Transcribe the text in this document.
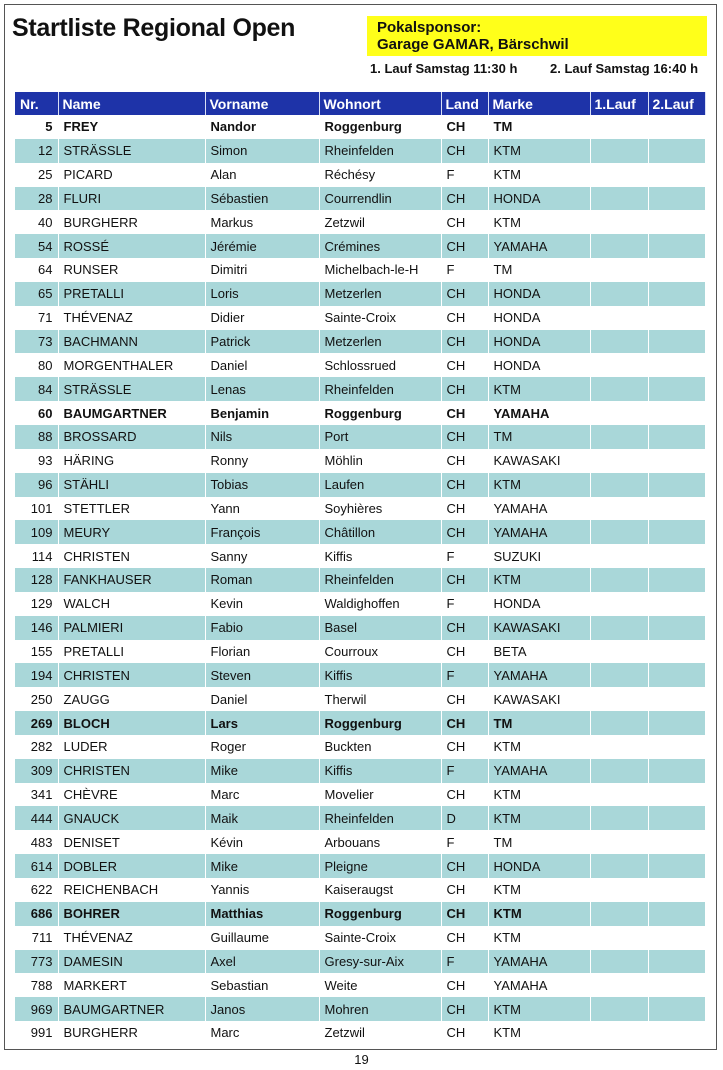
Startliste Regional Open	Pokalsponsor:
Garage GAMAR, Bärschwil
1. Lauf Samstag 11:30 h	2. Lauf Samstag 16:40 h
Nr.	Name	Vorname	Wohnort	Land	Marke	1.Lauf	2.Lauf
5	FREY	Nandor	Roggenburg	CH	TM		
12	STRÄSSLE	Simon	Rheinfelden	CH	KTM		
25	PICARD	Alan	Réchésy	F	KTM		
28	FLURI	Sébastien	Courrendlin	CH	HONDA		
40	BURGHERR	Markus	Zetzwil	CH	KTM		
54	ROSSÉ	Jérémie	Crémines	CH	YAMAHA		
64	RUNSER	Dimitri	Michelbach-le-H	F	TM		
65	PRETALLI	Loris	Metzerlen	CH	HONDA		
71	THÉVENAZ	Didier	Sainte-Croix	CH	HONDA		
73	BACHMANN	Patrick	Metzerlen	CH	HONDA		
80	MORGENTHALER	Daniel	Schlossrued	CH	HONDA		
84	STRÄSSLE	Lenas	Rheinfelden	CH	KTM		
60	BAUMGARTNER	Benjamin	Roggenburg	CH	YAMAHA		
88	BROSSARD	Nils	Port	CH	TM		
93	HÄRING	Ronny	Möhlin	CH	KAWASAKI		
96	STÄHLI	Tobias	Laufen	CH	KTM		
101	STETTLER	Yann	Soyhières	CH	YAMAHA		
109	MEURY	François	Châtillon	CH	YAMAHA		
114	CHRISTEN	Sanny	Kiffis	F	SUZUKI		
128	FANKHAUSER	Roman	Rheinfelden	CH	KTM		
129	WALCH	Kevin	Waldighoffen	F	HONDA		
146	PALMIERI	Fabio	Basel	CH	KAWASAKI		
155	PRETALLI	Florian	Courroux	CH	BETA		
194	CHRISTEN	Steven	Kiffis	F	YAMAHA		
250	ZAUGG	Daniel	Therwil	CH	KAWASAKI		
269	BLOCH	Lars	Roggenburg	CH	TM		
282	LUDER	Roger	Buckten	CH	KTM		
309	CHRISTEN	Mike	Kiffis	F	YAMAHA		
341	CHÈVRE	Marc	Movelier	CH	KTM		
444	GNAUCK	Maik	Rheinfelden	D	KTM		
483	DENISET	Kévin	Arbouans	F	TM		
614	DOBLER	Mike	Pleigne	CH	HONDA		
622	REICHENBACH	Yannis	Kaiseraugst	CH	KTM		
686	BOHRER	Matthias	Roggenburg	CH	KTM		
711	THÉVENAZ	Guillaume	Sainte-Croix	CH	KTM		
773	DAMESIN	Axel	Gresy-sur-Aix	F	YAMAHA		
788	MARKERT	Sebastian	Weite	CH	YAMAHA		
969	BAUMGARTNER	Janos	Mohren	CH	KTM		
991	BURGHERR	Marc	Zetzwil	CH	KTM		
19
